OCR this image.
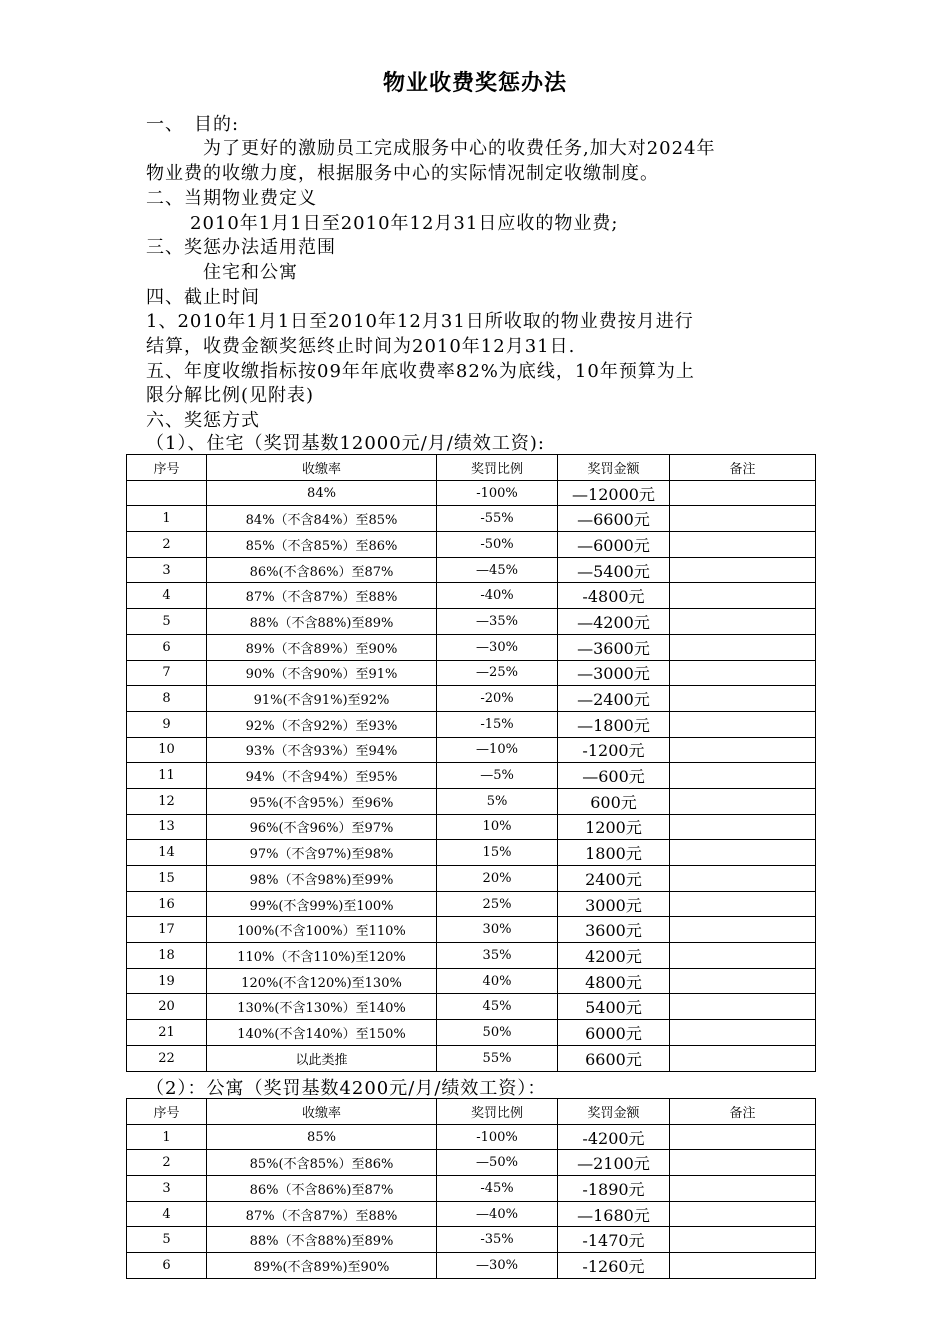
物业收费奖惩办法
一、　目的:
为了更好的激励员工完成服务中心的收费任务,加大对2024年
物业费的收缴力度，根据服务中心的实际情况制定收缴制度。
二、当期物业费定义
2010年1月1日至2010年12月31日应收的物业费;
三、奖惩办法适用范围
住宅和公寓
四、截止时间
1、2010年1月1日至2010年12月31日所收取的物业费按月进行
结算，收费金额奖惩终止时间为2010年12月31日.
五、年度收缴指标按09年年底收费率82%为底线，10年预算为上
限分解比例(见附表)
六、奖惩方式
（1）、住宅（奖罚基数12000元/月/绩效工资):
序号	收缴率	奖罚比例	奖罚金额	备注
	84%	-100%	—12000元	
1	84%（不含84%）至85%	-55%	—6600元	
2	85%（不含85%）至86%	-50%	—6000元	
3	86%(不含86%）至87%	—45%	—5400元	
4	87%（不含87%）至88%	-40%	-4800元	
5	88%（不含88%)至89%	—35%	—4200元	
6	89%（不含89%）至90%	—30%	—3600元	
7	90%（不含90%）至91%	—25%	—3000元	
8	91%(不含91%)至92%	-20%	—2400元	
9	92%（不含92%）至93%	-15%	—1800元	
10	93%（不含93%）至94%	—10%	-1200元	
11	94%（不含94%）至95%	—5%	—600元	
12	95%(不含95%）至96%	5%	600元	
13	96%(不含96%）至97%	10%	1200元	
14	97%（不含97%)至98%	15%	1800元	
15	98%（不含98%)至99%	20%	2400元	
16	99%(不含99%)至100%	25%	3000元	
17	100%(不含100%）至110%	30%	3600元	
18	110%（不含110%)至120%	35%	4200元	
19	120%(不含120%)至130%	40%	4800元	
20	130%(不含130%）至140%	45%	5400元	
21	140%(不含140%）至150%	50%	6000元	
22	以此类推	55%	6600元	
（2）：公寓（奖罚基数4200元/月/绩效工资）：
序号	收缴率	奖罚比例	奖罚金额	备注
1	85%	-100%	-4200元	
2	85%(不含85%）至86%	—50%	—2100元	
3	86%（不含86%)至87%	-45%	-1890元	
4	87%（不含87%）至88%	—40%	—1680元	
5	88%（不含88%)至89%	-35%	-1470元	
6	89%(不含89%)至90%	—30%	-1260元	
